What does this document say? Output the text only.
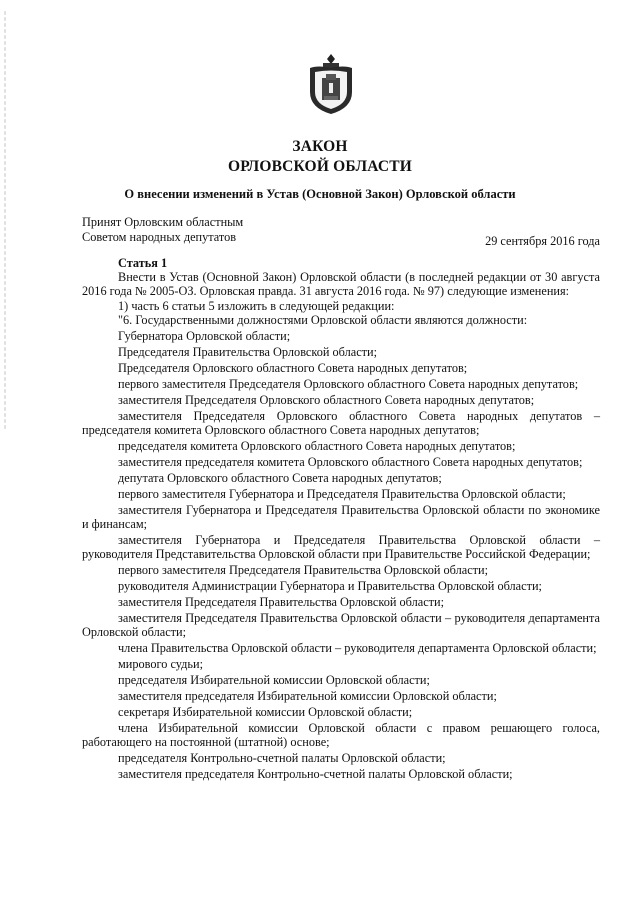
ЗАКОН
ОРЛОВСКОЙ ОБЛАСТИ
О внесении изменений в Устав (Основной Закон) Орловской области
Принят Орловским областным
Советом народных депутатов	29 сентября 2016 года
Статья 1

Внести в Устав (Основной Закон) Орловской области (в последней редакции от 30 августа 2016 года № 2005-ОЗ. Орловская правда. 31 августа 2016 года. № 97) следующие изменения:

1) часть 6 статьи 5 изложить в следующей редакции:

"6. Государственными должностями Орловской области являются должности:

Губернатора Орловской области;

Председателя Правительства Орловской области;

Председателя Орловского областного Совета народных депутатов;

первого заместителя Председателя Орловского областного Совета народных депутатов;

заместителя Председателя Орловского областного Совета народных депутатов;

заместителя Председателя Орловского областного Совета народных депутатов – председателя комитета Орловского областного Совета народных депутатов;

председателя комитета Орловского областного Совета народных депутатов;

заместителя председателя комитета Орловского областного Совета народных депутатов;

депутата Орловского областного Совета народных депутатов;

первого заместителя Губернатора и Председателя Правительства Орловской области;

заместителя Губернатора и Председателя Правительства Орловской области по экономике и финансам;

заместителя Губернатора и Председателя Правительства Орловской области – руководителя Представительства Орловской области при Правительстве Российской Федерации;

первого заместителя Председателя Правительства Орловской области;

руководителя Администрации Губернатора и Правительства Орловской области;

заместителя Председателя Правительства Орловской области;

заместителя Председателя Правительства Орловской области – руководителя департамента Орловской области;

члена Правительства Орловской области – руководителя департамента Орловской области;

мирового судьи;

председателя Избирательной комиссии Орловской области;

заместителя председателя Избирательной комиссии Орловской области;

секретаря Избирательной комиссии Орловской области;

члена Избирательной комиссии Орловской области с правом решающего голоса, работающего на постоянной (штатной) основе;

председателя Контрольно-счетной палаты Орловской области;

заместителя председателя Контрольно-счетной палаты Орловской области;
